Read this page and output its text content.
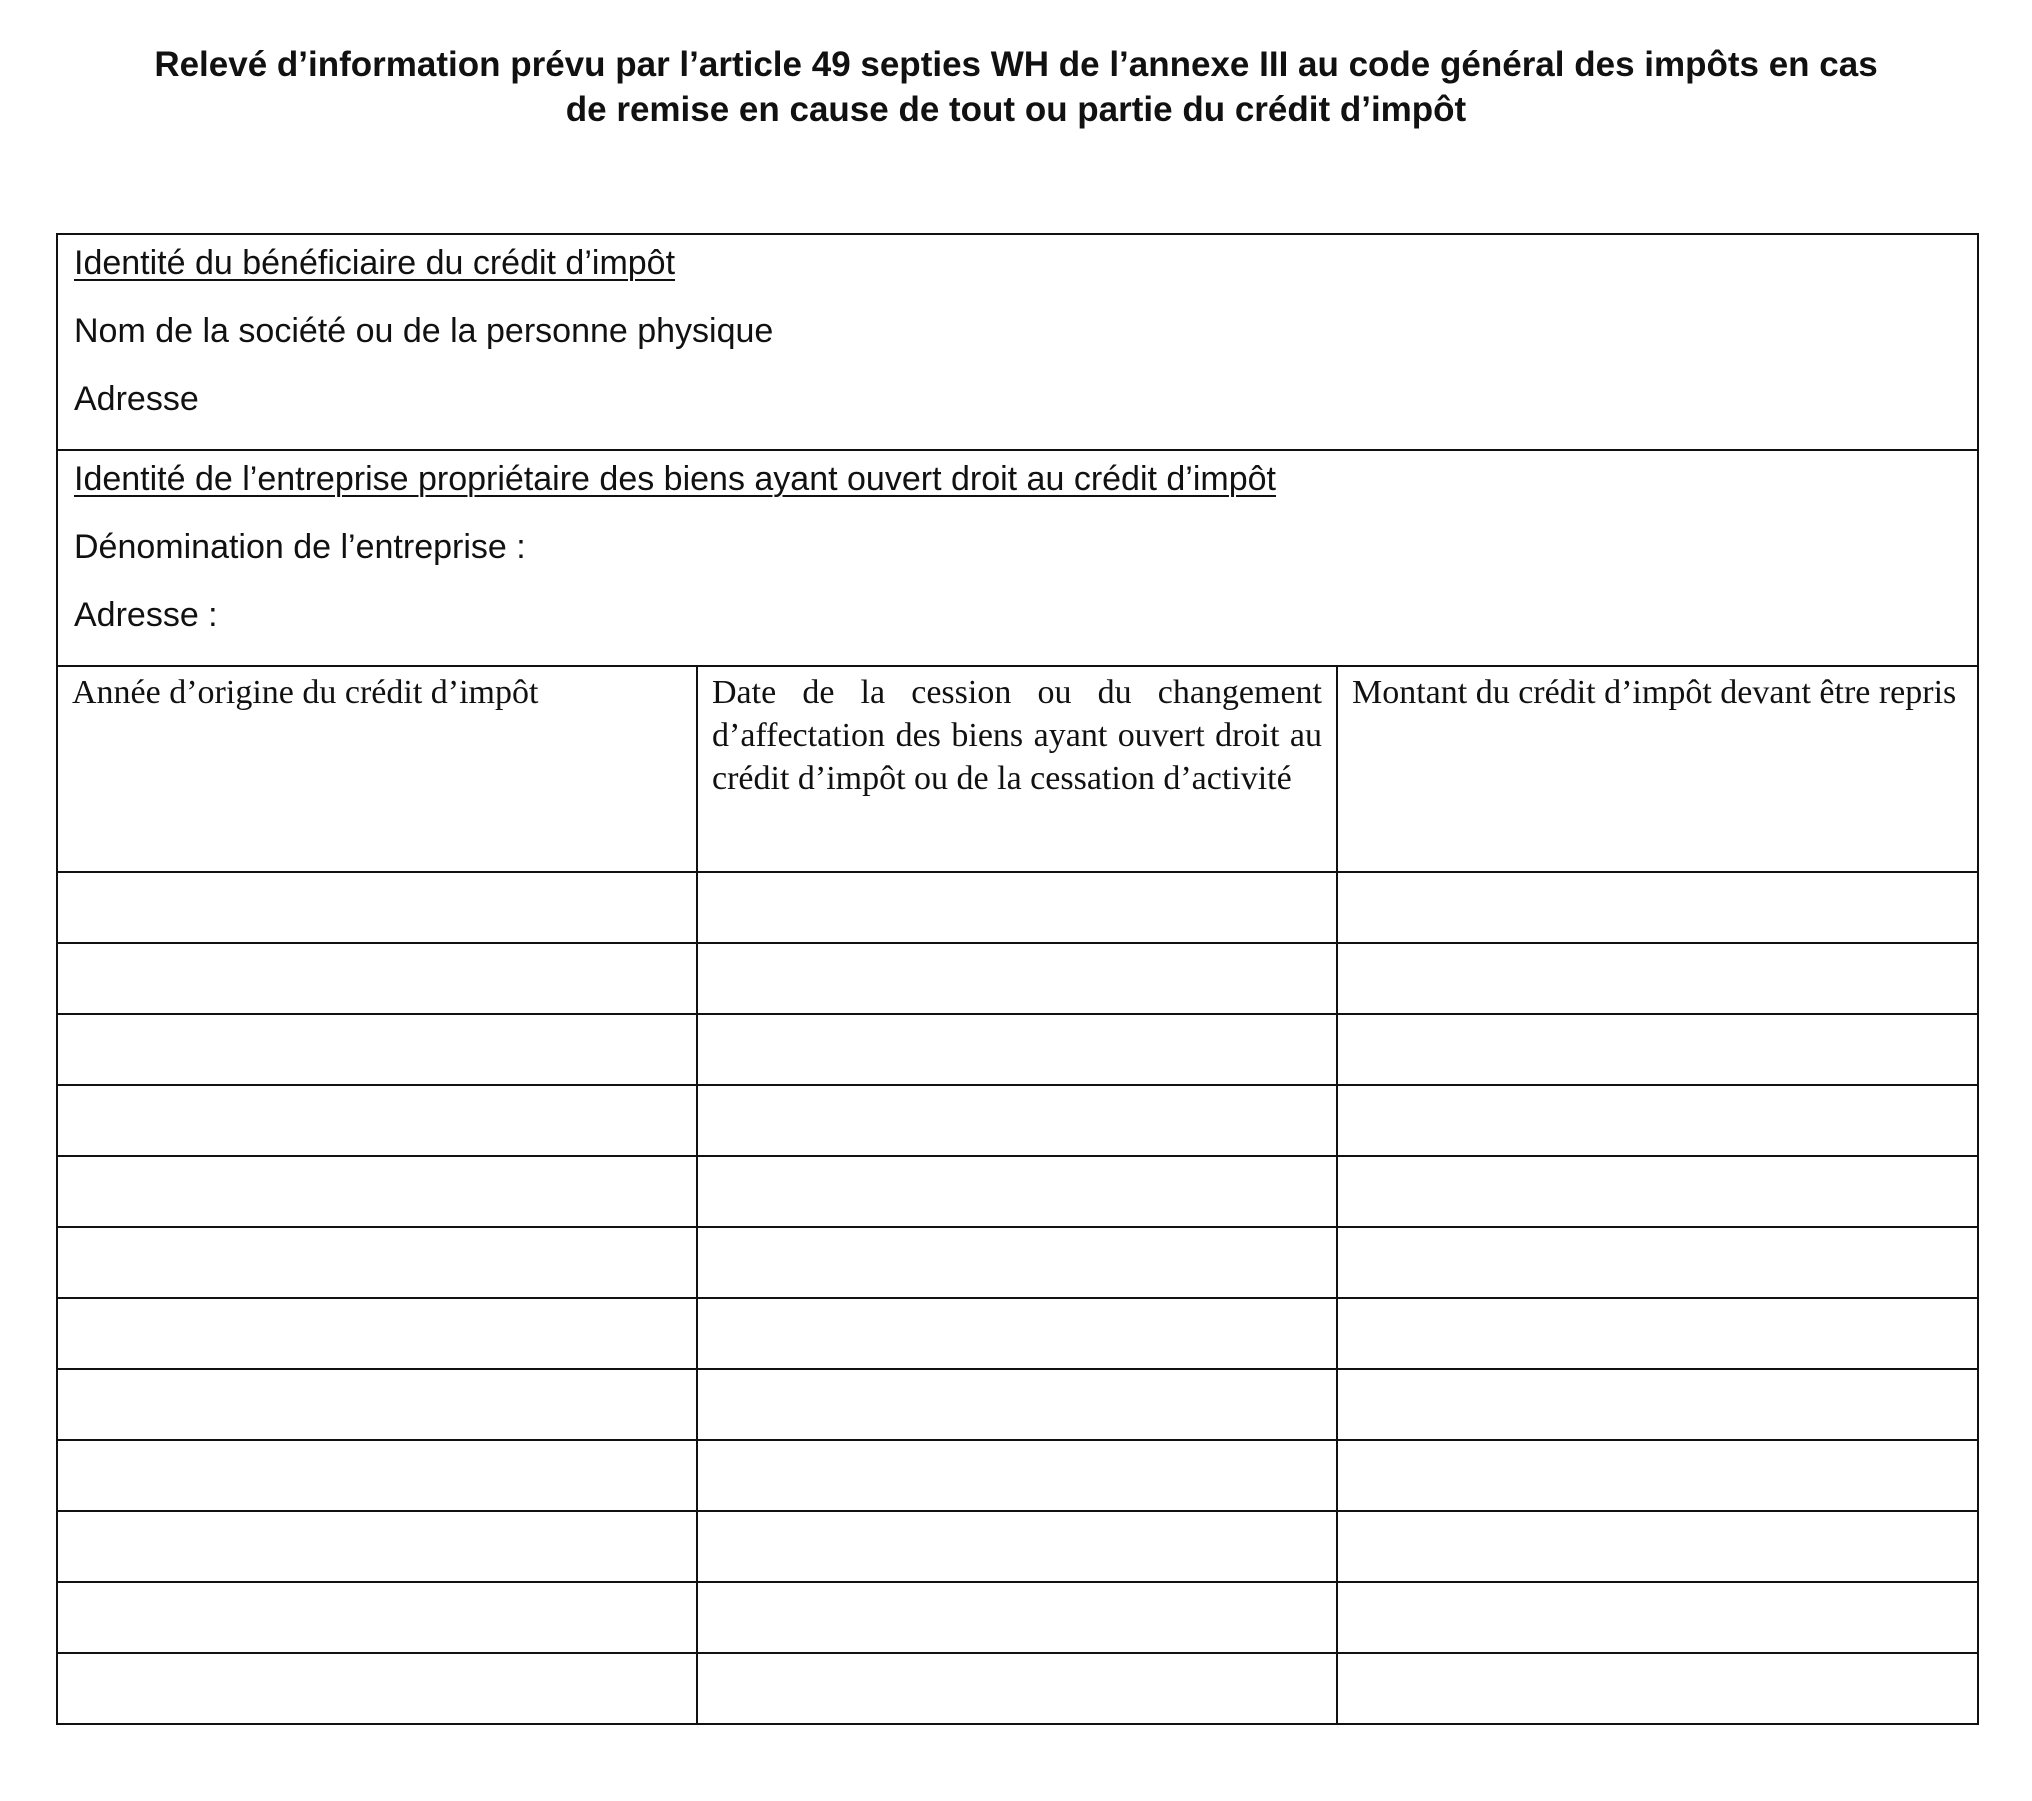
Relevé d’information prévu par l’article 49 septies WH de l’annexe III au code général des impôts en cas
de remise en cause de tout ou partie du crédit d’impôt
Identité du bénéficiaire du crédit d’impôt
Nom de la société ou de la personne physique
Adresse		

Identité de l’entreprise propriétaire des biens ayant ouvert droit au crédit d’impôt
Dénomination de l’entreprise :
Adresse :		

Année d’origine du crédit d’impôt	Date de la cession ou du changement d’affectation des biens ayant ouvert droit au crédit d’impôt ou de la cessation d’activité	Montant du crédit d’impôt devant être repris
